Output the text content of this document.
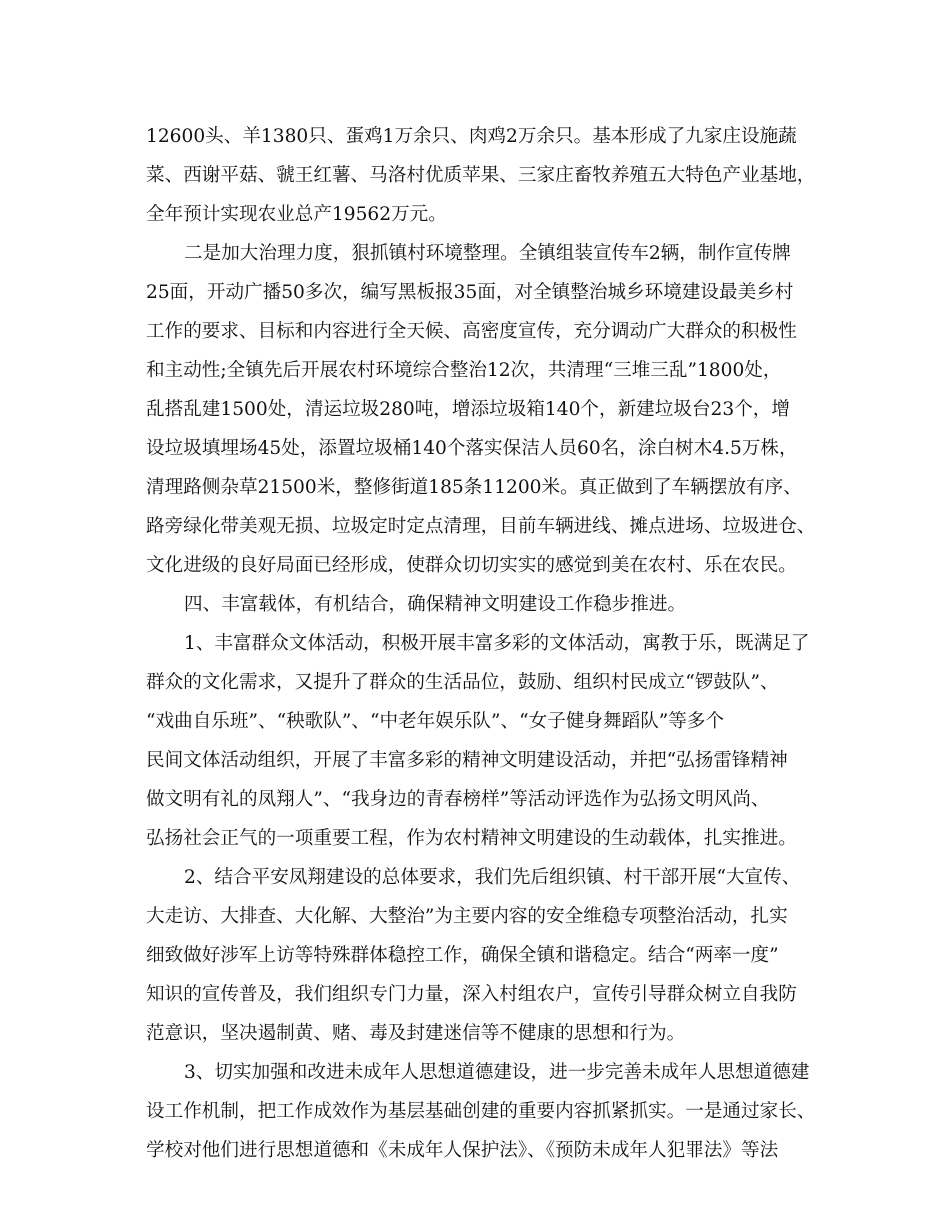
12600头、羊1380只、蛋鸡1万余只、肉鸡2万余只。基本形成了九家庄设施蔬
菜、西谢平菇、虢王红薯、马洛村优质苹果、三家庄畜牧养殖五大特色产业基地，
全年预计实现农业总产19562万元。
二是加大治理力度，狠抓镇村环境整理。全镇组装宣传车2辆，制作宣传牌
25面，开动广播50多次，编写黑板报35面，对全镇整治城乡环境建设最美乡村
工作的要求、目标和内容进行全天候、高密度宣传，充分调动广大群众的积极性
和主动性;全镇先后开展农村环境综合整治12次，共清理“三堆三乱”1800处，
乱搭乱建1500处，清运垃圾280吨，增添垃圾箱140个，新建垃圾台23个，增
设垃圾填埋场45处，添置垃圾桶140个落实保洁人员60名，涂白树木4.5万株，
清理路侧杂草21500米，整修街道185条11200米。真正做到了车辆摆放有序、
路旁绿化带美观无损、垃圾定时定点清理，目前车辆进线、摊点进场、垃圾进仓、
文化进级的良好局面已经形成，使群众切切实实的感觉到美在农村、乐在农民。
四、丰富载体，有机结合，确保精神文明建设工作稳步推进。
1、丰富群众文体活动，积极开展丰富多彩的文体活动，寓教于乐，既满足了
群众的文化需求，又提升了群众的生活品位，鼓励、组织村民成立“锣鼓队”、
“戏曲自乐班”、“秧歌队”、“中老年娱乐队”、“女子健身舞蹈队”等多个
民间文体活动组织，开展了丰富多彩的精神文明建设活动，并把“弘扬雷锋精神
做文明有礼的凤翔人”、“我身边的青春榜样”等活动评选作为弘扬文明风尚、
弘扬社会正气的一项重要工程，作为农村精神文明建设的生动载体，扎实推进。
2、结合平安凤翔建设的总体要求，我们先后组织镇、村干部开展“大宣传、
大走访、大排查、大化解、大整治”为主要内容的安全维稳专项整治活动，扎实
细致做好涉军上访等特殊群体稳控工作，确保全镇和谐稳定。结合“两率一度”
知识的宣传普及，我们组织专门力量，深入村组农户，宣传引导群众树立自我防
范意识，坚决遏制黄、赌、毒及封建迷信等不健康的思想和行为。
3、切实加强和改进未成年人思想道德建设，进一步完善未成年人思想道德建
设工作机制，把工作成效作为基层基础创建的重要内容抓紧抓实。一是通过家长、
学校对他们进行思想道德和《未成年人保护法》、《预防未成年人犯罪法》等法
